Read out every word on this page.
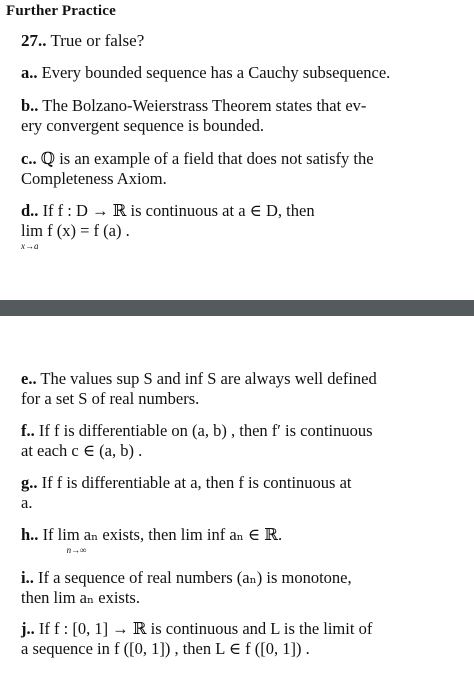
Further Practice
27.. True or false?
a.. Every bounded sequence has a Cauchy subsequence.
b.. The Bolzano-Weierstrass Theorem states that ev-
ery convergent sequence is bounded.
c.. ℚ is an example of a field that does not satisfy the
Completeness Axiom.
d.. If f : D → ℝ is continuous at a ∈ D, then
lim f (x) = f (a) .
x→a
e.. The values sup S and inf S are always well defined
for a set S of real numbers.
f.. If f is differentiable on (a, b) , then f′ is continuous
at each c ∈ (a, b) .
g.. If f is differentiable at a, then f is continuous at
a.
h.. If lim aₙ exists, then lim inf aₙ ∈ ℝ.
n→∞
i.. If a sequence of real numbers (aₙ) is monotone,
then lim aₙ exists.
j.. If f : [0, 1] → ℝ is continuous and L is the limit of
a sequence in f ([0, 1]) , then L ∈ f ([0, 1]) .
